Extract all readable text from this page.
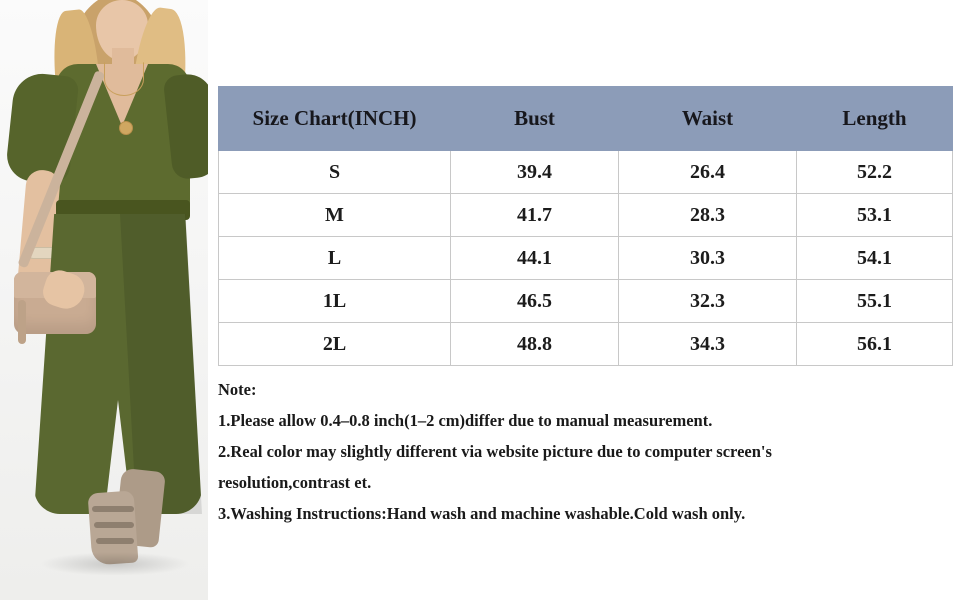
Size Chart(INCH)	Bust	Waist	Length
S	39.4	26.4	52.2
M	41.7	28.3	53.1
L	44.1	30.3	54.1
1L	46.5	32.3	55.1
2L	48.8	34.3	56.1
Note:
1.Please allow 0.4–0.8 inch(1–2 cm)differ due to manual measurement.
2.Real color may slightly different via website picture due to computer screen's
resolution,contrast et.
3.Washing Instructions:Hand wash and machine washable.Cold wash only.
